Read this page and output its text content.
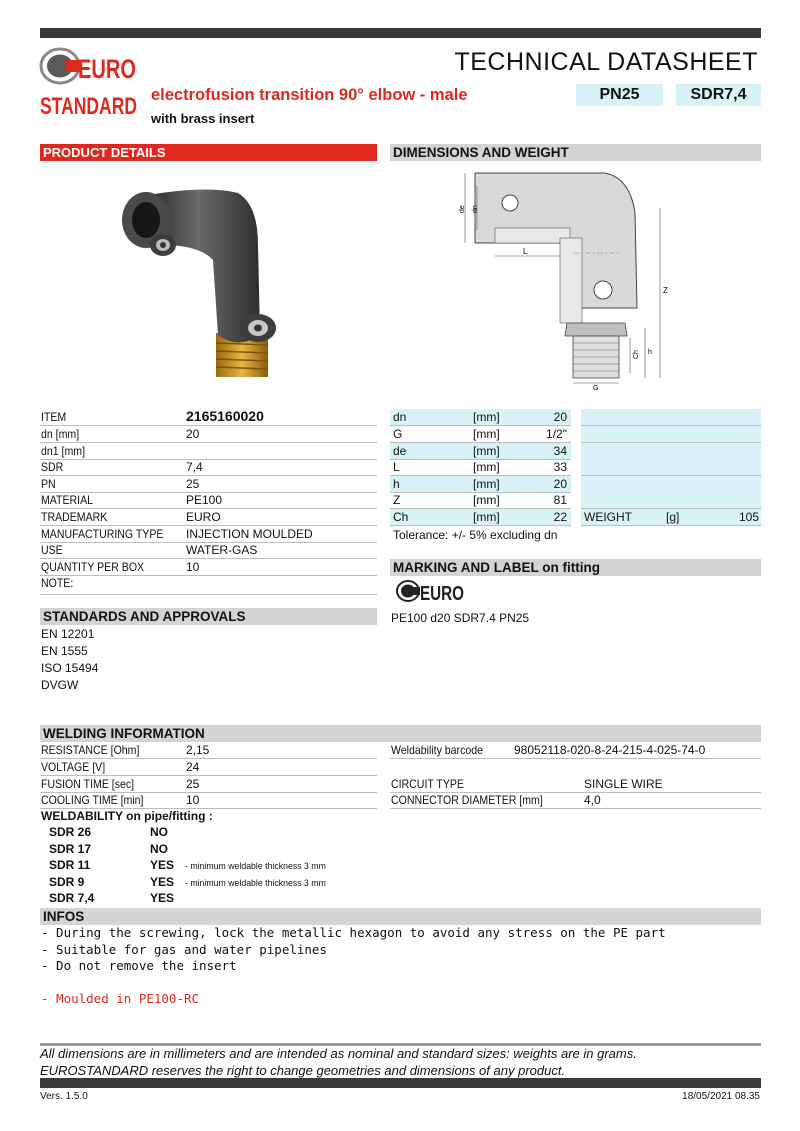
EURO
STANDARD
TECHNICAL DATASHEET
electrofusion transition 90° elbow - male
with brass insert
PN25	SDR7,4
PRODUCT DETAILS	DIMENSIONS AND WEIGHT
de dn
L
Z
Ch h
G
ITEM	2165160020
dn [mm]	20
dn1 [mm]
SDR	7,4
PN	25
MATERIAL	PE100
TRADEMARK	EURO
MANUFACTURING TYPE INJECTION MOULDED
USE	WATER-GAS
QUANTITY PER BOX	10
NOTE:
dn	[mm]	20
G	[mm]	1/2"
de	[mm]	34
L	[mm]	33
h	[mm]	20
Z	[mm]	81
Ch	[mm]	22 WEIGHT	[g]	105
Tolerance: +/- 5% excluding dn
MARKING AND LABEL on fitting
EURO
PE100 d20 SDR7.4 PN25
STANDARDS AND APPROVALS
EN 12201
EN 1555
ISO 15494
DVGW
WELDING INFORMATION
RESISTANCE [Ohm]	2,15
VOLTAGE [V]	24
FUSION TIME [sec]	25
COOLING TIME [min]	10
Weldability barcode	98052118-020-8-24-215-4-025-74-0
CIRCUIT TYPE	SINGLE WIRE
CONNECTOR DIAMETER [mm]	4,0
WELDABILITY on pipe/fitting :
SDR 26	NO
SDR 17	NO
SDR 11	YES - minimum weldable thickness 3 mm
SDR 9	YES - minimum weldable thickness 3 mm
SDR 7,4	YES
INFOS
- During the screwing, lock the metallic hexagon to avoid any stress on the PE part
- Suitable for gas and water pipelines
- Do not remove the insert
- Moulded in PE100-RC
All dimensions are in millimeters and are intended as nominal and standard sizes: weights are in grams.
EUROSTANDARD reserves the right to change geometries and dimensions of any product.
Vers. 1.5.0	18/05/2021 08.35
